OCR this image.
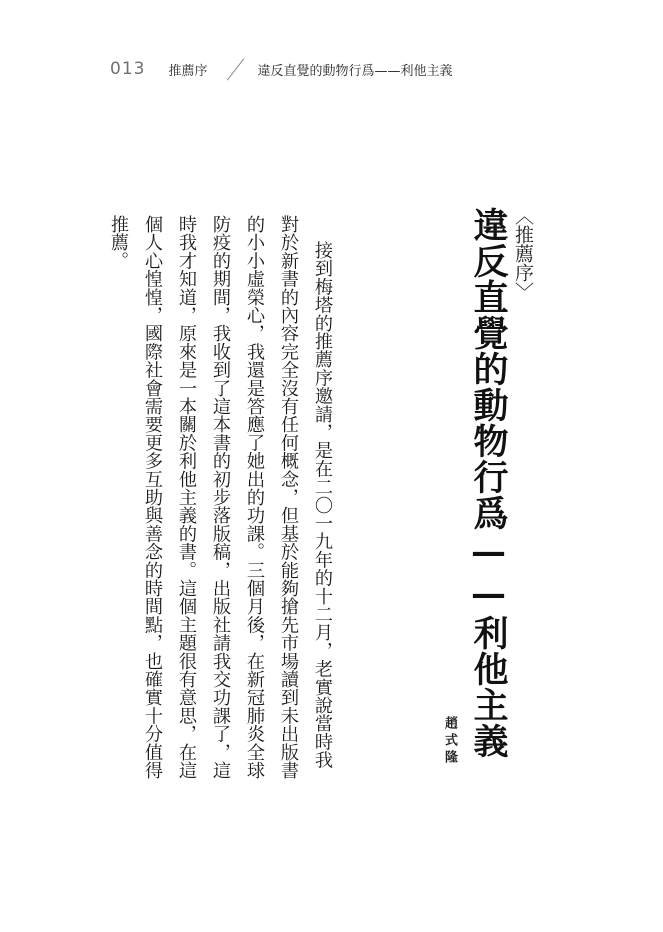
013 推薦序	違反直覺的動物行爲——利他主義
〈推薦序〉
違反直覺的動物行爲——利他主義
趙式隆
接到梅塔的推薦序邀請，是在二〇一九年的十二月，老實說當時我
對於新書的內容完全沒有任何概念，但基於能夠搶先市場讀到未出版書
的小小虛榮心，我還是答應了她出的功課。三個月後，在新冠肺炎全球
防疫的期間，我收到了這本書的初步落版稿，出版社請我交功課了，這
時我才知道，原來是一本關於利他主義的書。這個主題很有意思，在這
個人心惶惶，國際社會需要更多互助與善念的時間點，也確實十分值得
推薦。
